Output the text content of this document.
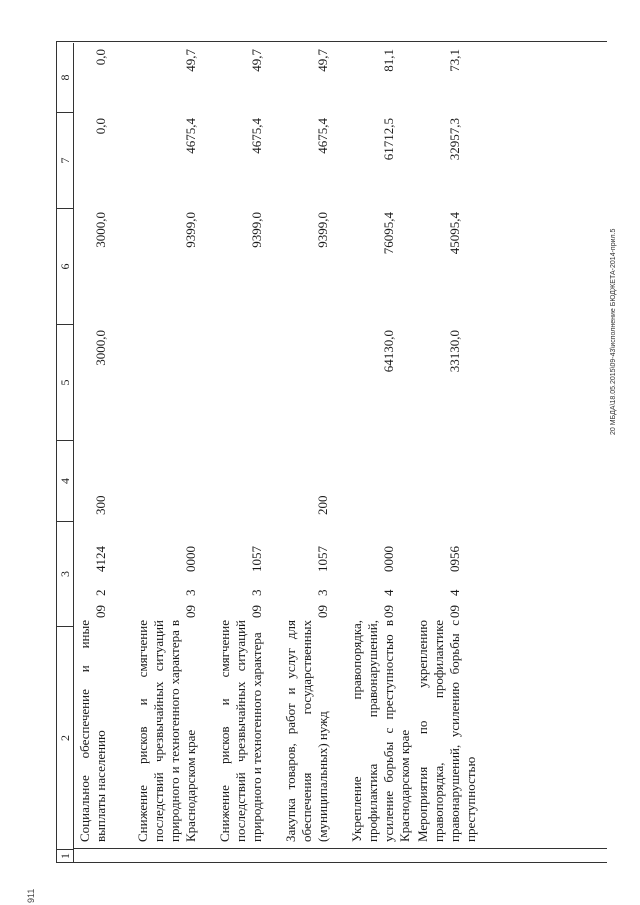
911
1
2
3
4
5
6
7
8
Социальное обеспечение и иные выплаты населению
09
2
4124
300
3000,0
3000,0
0,0
0,0
Снижение рисков и смягчение последствий чрезвычайных ситуаций природного и техногенного характера в Краснодарском крае
09
3
0000
9399,0
4675,4
49,7
Снижение рисков и смягчение последствий чрезвычайных ситуаций природного и техногенного характера
09
3
1057
9399,0
4675,4
49,7
Закупка товаров, работ и услуг для обеспечения государственных (муниципальных) нужд
09
3
1057
200
9399,0
4675,4
49,7
Укрепление правопорядка, профилактика правонарушений, усиление борьбы с преступностью в Краснодарском крае
09
4
0000
64130,0
76095,4
61712,5
81,1
Мероприятия по укреплению правопорядка, профилактике правонарушений, усилению борьбы с преступностью
09
4
0956
33130,0
45095,4
32957,3
73,1
20 МБДА\18.05.2015\09-43\исполнение БЮДЖЕТА-2014-прил.5
